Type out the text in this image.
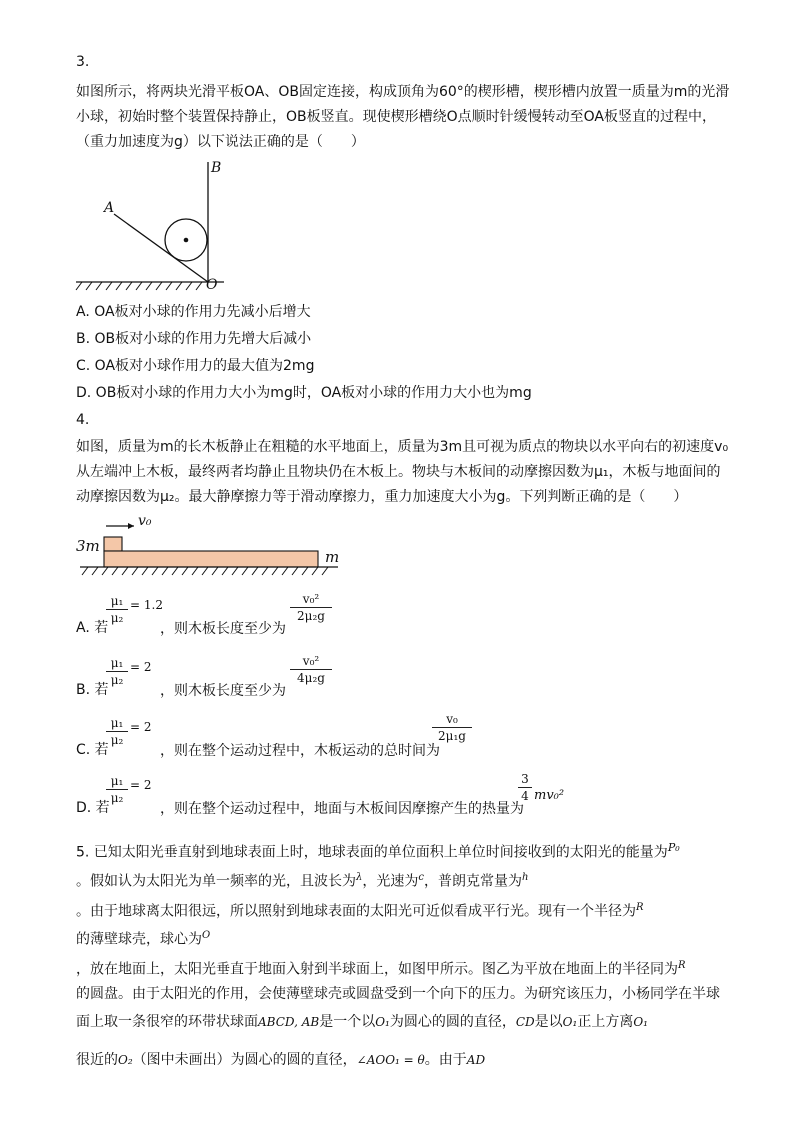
3.
如图所示，将两块光滑平板OA、OB固定连接，构成顶角为60°的楔形槽，楔形槽内放置一质量为m的光滑
小球，初始时整个装置保持静止，OB板竖直。现使楔形槽绕O点顺时针缓慢转动至OA板竖直的过程中，
（重力加速度为g）以下说法正确的是（　　）
A
B
O
A. OA板对小球的作用力先减小后增大
B. OB板对小球的作用力先增大后减小
C. OA板对小球作用力的最大值为2mg
D. OB板对小球的作用力大小为mg时，OA板对小球的作用力大小也为mg
4.
如图，质量为m的长木板静止在粗糙的水平地面上，质量为3m且可视为质点的物块以水平向右的初速度v₀
从左端冲上木板，最终两者均静止且物块仍在木板上。物块与木板间的动摩擦因数为μ₁，木板与地面间的
动摩擦因数为μ₂。最大静摩擦力等于滑动摩擦力，重力加速度大小为g。下列判断正确的是（　　）
3m
m
v₀
μ₁
μ₂
= 1.2
A. 若	，则木板长度至少为
v₀²
2μ₂g
μ₁
μ₂
= 2
B. 若	，则木板长度至少为
v₀²
4μ₂g
μ₁
μ₂
= 2
C. 若	，则在整个运动过程中，木板运动的总时间为
v₀
2μ₁g
μ₁
μ₂
= 2
D. 若	，则在整个运动过程中，地面与木板间因摩擦产生的热量为
3
4 mv₀²
5. 已知太阳光垂直射到地球表面上时，地球表面的单位面积上单位时间接收到的太阳光的能量为$^{P_0}$
。假如认为太阳光为单一频率的光，且波长为$^\lambda$，光速为$^c$，普朗克常量为$^h$
。由于地球离太阳很远，所以照射到地球表面的太阳光可近似看成平行光。现有一个半径为$^R$
的薄壁球壳，球心为$^O$
，放在地面上，太阳光垂直于地面入射到半球面上，如图甲所示。图乙为平放在地面上的半径同为$^R$
的圆盘。由于太阳光的作用，会使薄壁球壳或圆盘受到一个向下的压力。为研究该压力，小杨同学在半球
面上取一条很窄的环带状球面ABCD, AB是一个以O₁为圆心的圆的直径，CD是以O₁正上方离O₁
很近的O₂（图中未画出）为圆心的圆的直径，∠AOO₁ = θ。由于AD
